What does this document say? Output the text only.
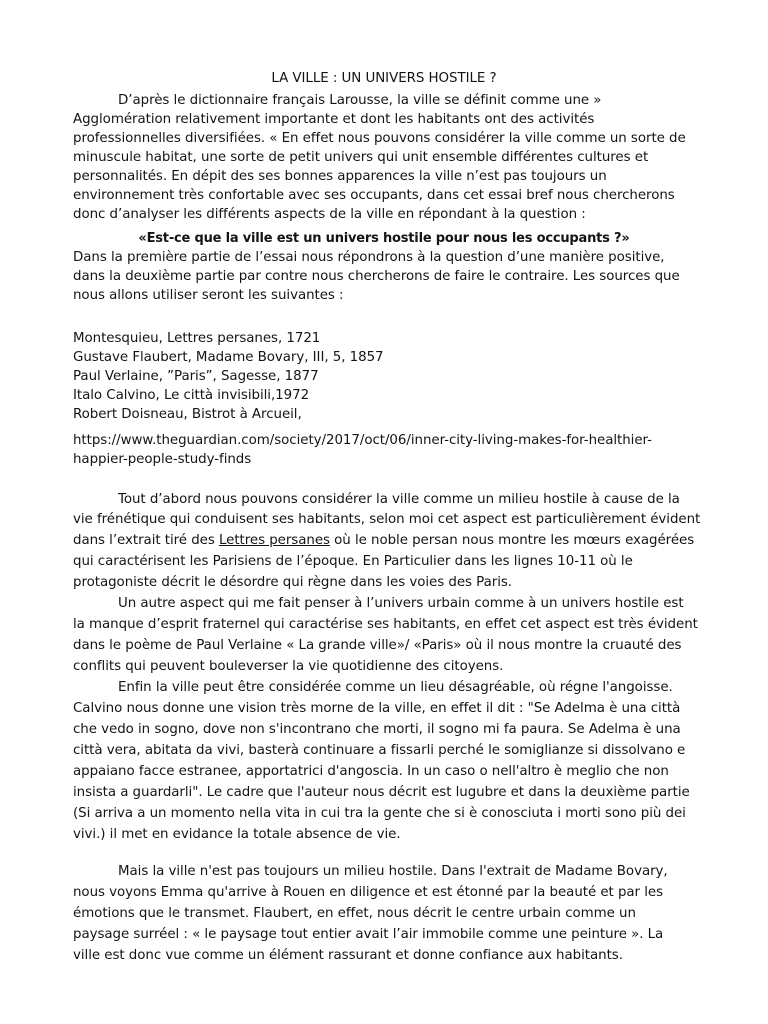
LA VILLE : UN UNIVERS HOSTILE ?
D’après le dictionnaire français Larousse, la ville se définit comme une »
Agglomération relativement importante et dont les habitants ont des activités
professionnelles diversifiées. « En effet nous pouvons considérer la ville comme un sorte de
minuscule habitat, une sorte de petit univers qui unit ensemble différentes cultures et
personnalités. En dépit des ses bonnes apparences la ville n’est pas toujours un
environnement très confortable avec ses occupants, dans cet essai bref nous chercherons
donc d’analyser les différents aspects de la ville en répondant à la question :
«Est-ce que la ville est un univers hostile pour nous les occupants ?»
Dans la première partie de l’essai nous répondrons à la question d’une manière positive,
dans la deuxième partie par contre nous chercherons de faire le contraire. Les sources que
nous allons utiliser seront les suivantes :
Montesquieu, Lettres persanes, 1721
Gustave Flaubert, Madame Bovary, III, 5, 1857
Paul Verlaine, ”Paris”, Sagesse, 1877
Italo Calvino, Le città invisibili,1972
Robert Doisneau, Bistrot à Arcueil,
https://www.theguardian.com/society/2017/oct/06/inner-city-living-makes-for-healthier-
happier-people-study-finds
Tout d’abord nous pouvons considérer la ville comme un milieu hostile à cause de la
vie frénétique qui conduisent ses habitants, selon moi cet aspect est particulièrement évident
dans l’extrait tiré des Lettres persanes où le noble persan nous montre les mœurs exagérées
qui caractérisent les Parisiens de l’époque. En Particulier dans les lignes 10-11 où le
protagoniste décrit le désordre qui règne dans les voies des Paris.
Un autre aspect qui me fait penser à l’univers urbain comme à un univers hostile est
la manque d’esprit fraternel qui caractérise ses habitants, en effet cet aspect est très évident
dans le poème de Paul Verlaine « La grande ville»/ «Paris» où il nous montre la cruauté des
conflits qui peuvent bouleverser la vie quotidienne des citoyens.
Enfin la ville peut être considérée comme un lieu désagréable, où régne l'angoisse.
Calvino nous donne une vision très morne de la ville, en effet il dit : "Se Adelma è una città
che vedo in sogno, dove non s'incontrano che morti, il sogno mi fa paura. Se Adelma è una
città vera, abitata da vivi, basterà continuare a fissarli perché le somiglianze si dissolvano e
appaiano facce estranee, apportatrici d'angoscia. In un caso o nell'altro è meglio che non
insista a guardarli". Le cadre que l'auteur nous décrit est lugubre et dans la deuxième partie
(Si arriva a un momento nella vita in cui tra la gente che si è conosciuta i morti sono più dei
vivi.) il met en evidance la totale absence de vie.
Mais la ville n'est pas toujours un milieu hostile. Dans l'extrait de Madame Bovary,
nous voyons Emma qu'arrive à Rouen en diligence et est étonné par la beauté et par les
émotions que le transmet. Flaubert, en effet, nous décrit le centre urbain comme un
paysage surréel : « le paysage tout entier avait l’air immobile comme une peinture ». La
ville est donc vue comme un élément rassurant et donne confiance aux habitants.
